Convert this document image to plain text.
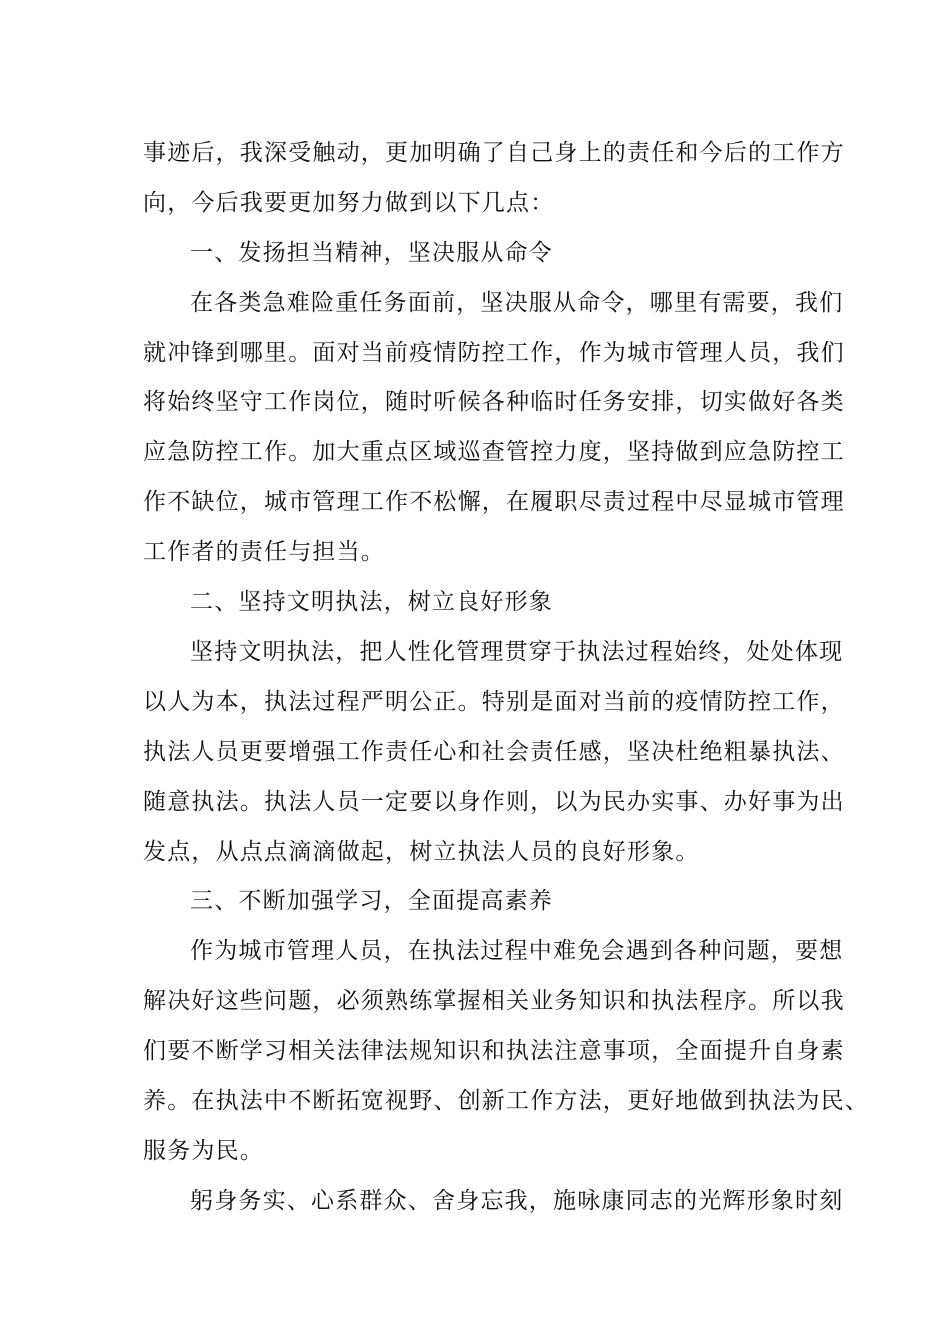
事迹后，我深受触动，更加明确了自己身上的责任和今后的工作方
向，今后我要更加努力做到以下几点：
一、发扬担当精神，坚决服从命令
在各类急难险重任务面前，坚决服从命令，哪里有需要，我们
就冲锋到哪里。面对当前疫情防控工作，作为城市管理人员，我们
将始终坚守工作岗位，随时听候各种临时任务安排，切实做好各类
应急防控工作。加大重点区域巡查管控力度，坚持做到应急防控工
作不缺位，城市管理工作不松懈，在履职尽责过程中尽显城市管理
工作者的责任与担当。
二、坚持文明执法，树立良好形象
坚持文明执法，把人性化管理贯穿于执法过程始终，处处体现
以人为本，执法过程严明公正。特别是面对当前的疫情防控工作，
执法人员更要增强工作责任心和社会责任感，坚决杜绝粗暴执法、
随意执法。执法人员一定要以身作则，以为民办实事、办好事为出
发点，从点点滴滴做起，树立执法人员的良好形象。
三、不断加强学习，全面提高素养
作为城市管理人员，在执法过程中难免会遇到各种问题，要想
解决好这些问题，必须熟练掌握相关业务知识和执法程序。所以我
们要不断学习相关法律法规知识和执法注意事项，全面提升自身素
养。在执法中不断拓宽视野、创新工作方法，更好地做到执法为民、
服务为民。
躬身务实、心系群众、舍身忘我，施咏康同志的光辉形象时刻
